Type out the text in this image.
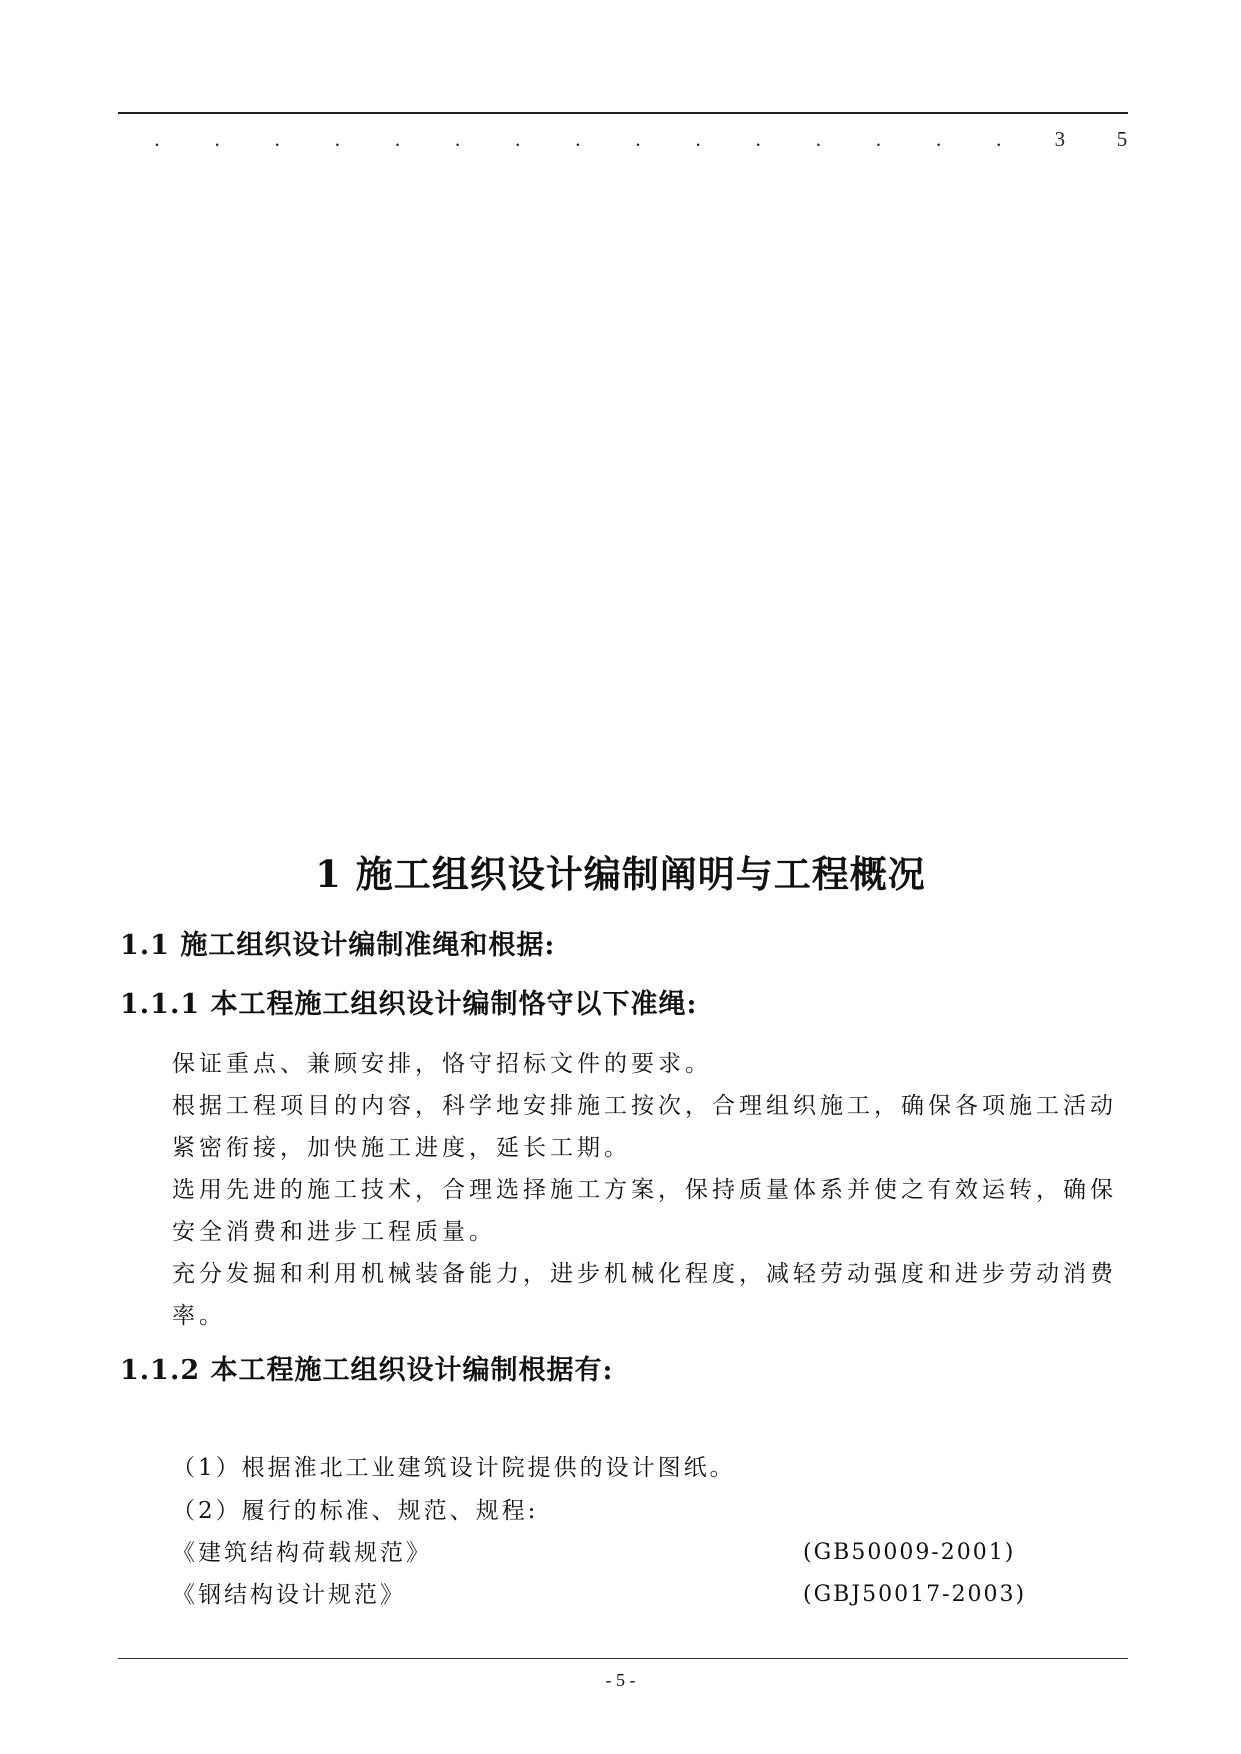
.	.	.	.	.	.	.	.	.	.	.	.	.	.	.	3 5
1 施工组织设计编制阐明与工程概况
1.1 施工组织设计编制准绳和根据:
1.1.1 本工程施工组织设计编制恪守以下准绳:
保证重点、兼顾安排，恪守招标文件的要求。
根据工程项目的内容，科学地安排施工按次，合理组织施工，确保各项施工活动紧密衔接，加快施工进度，延长工期。
选用先进的施工技术，合理选择施工方案，保持质量体系并使之有效运转，确保安全消费和进步工程质量。
充分发掘和利用机械装备能力，进步机械化程度，减轻劳动强度和进步劳动消费率。
1.1.2 本工程施工组织设计编制根据有:
（1）根据淮北工业建筑设计院提供的设计图纸。
（2）履行的标准、规范、规程:
《建筑结构荷载规范》	(GB50009-2001)
《钢结构设计规范》	(GBJ50017-2003)
- 5 -
